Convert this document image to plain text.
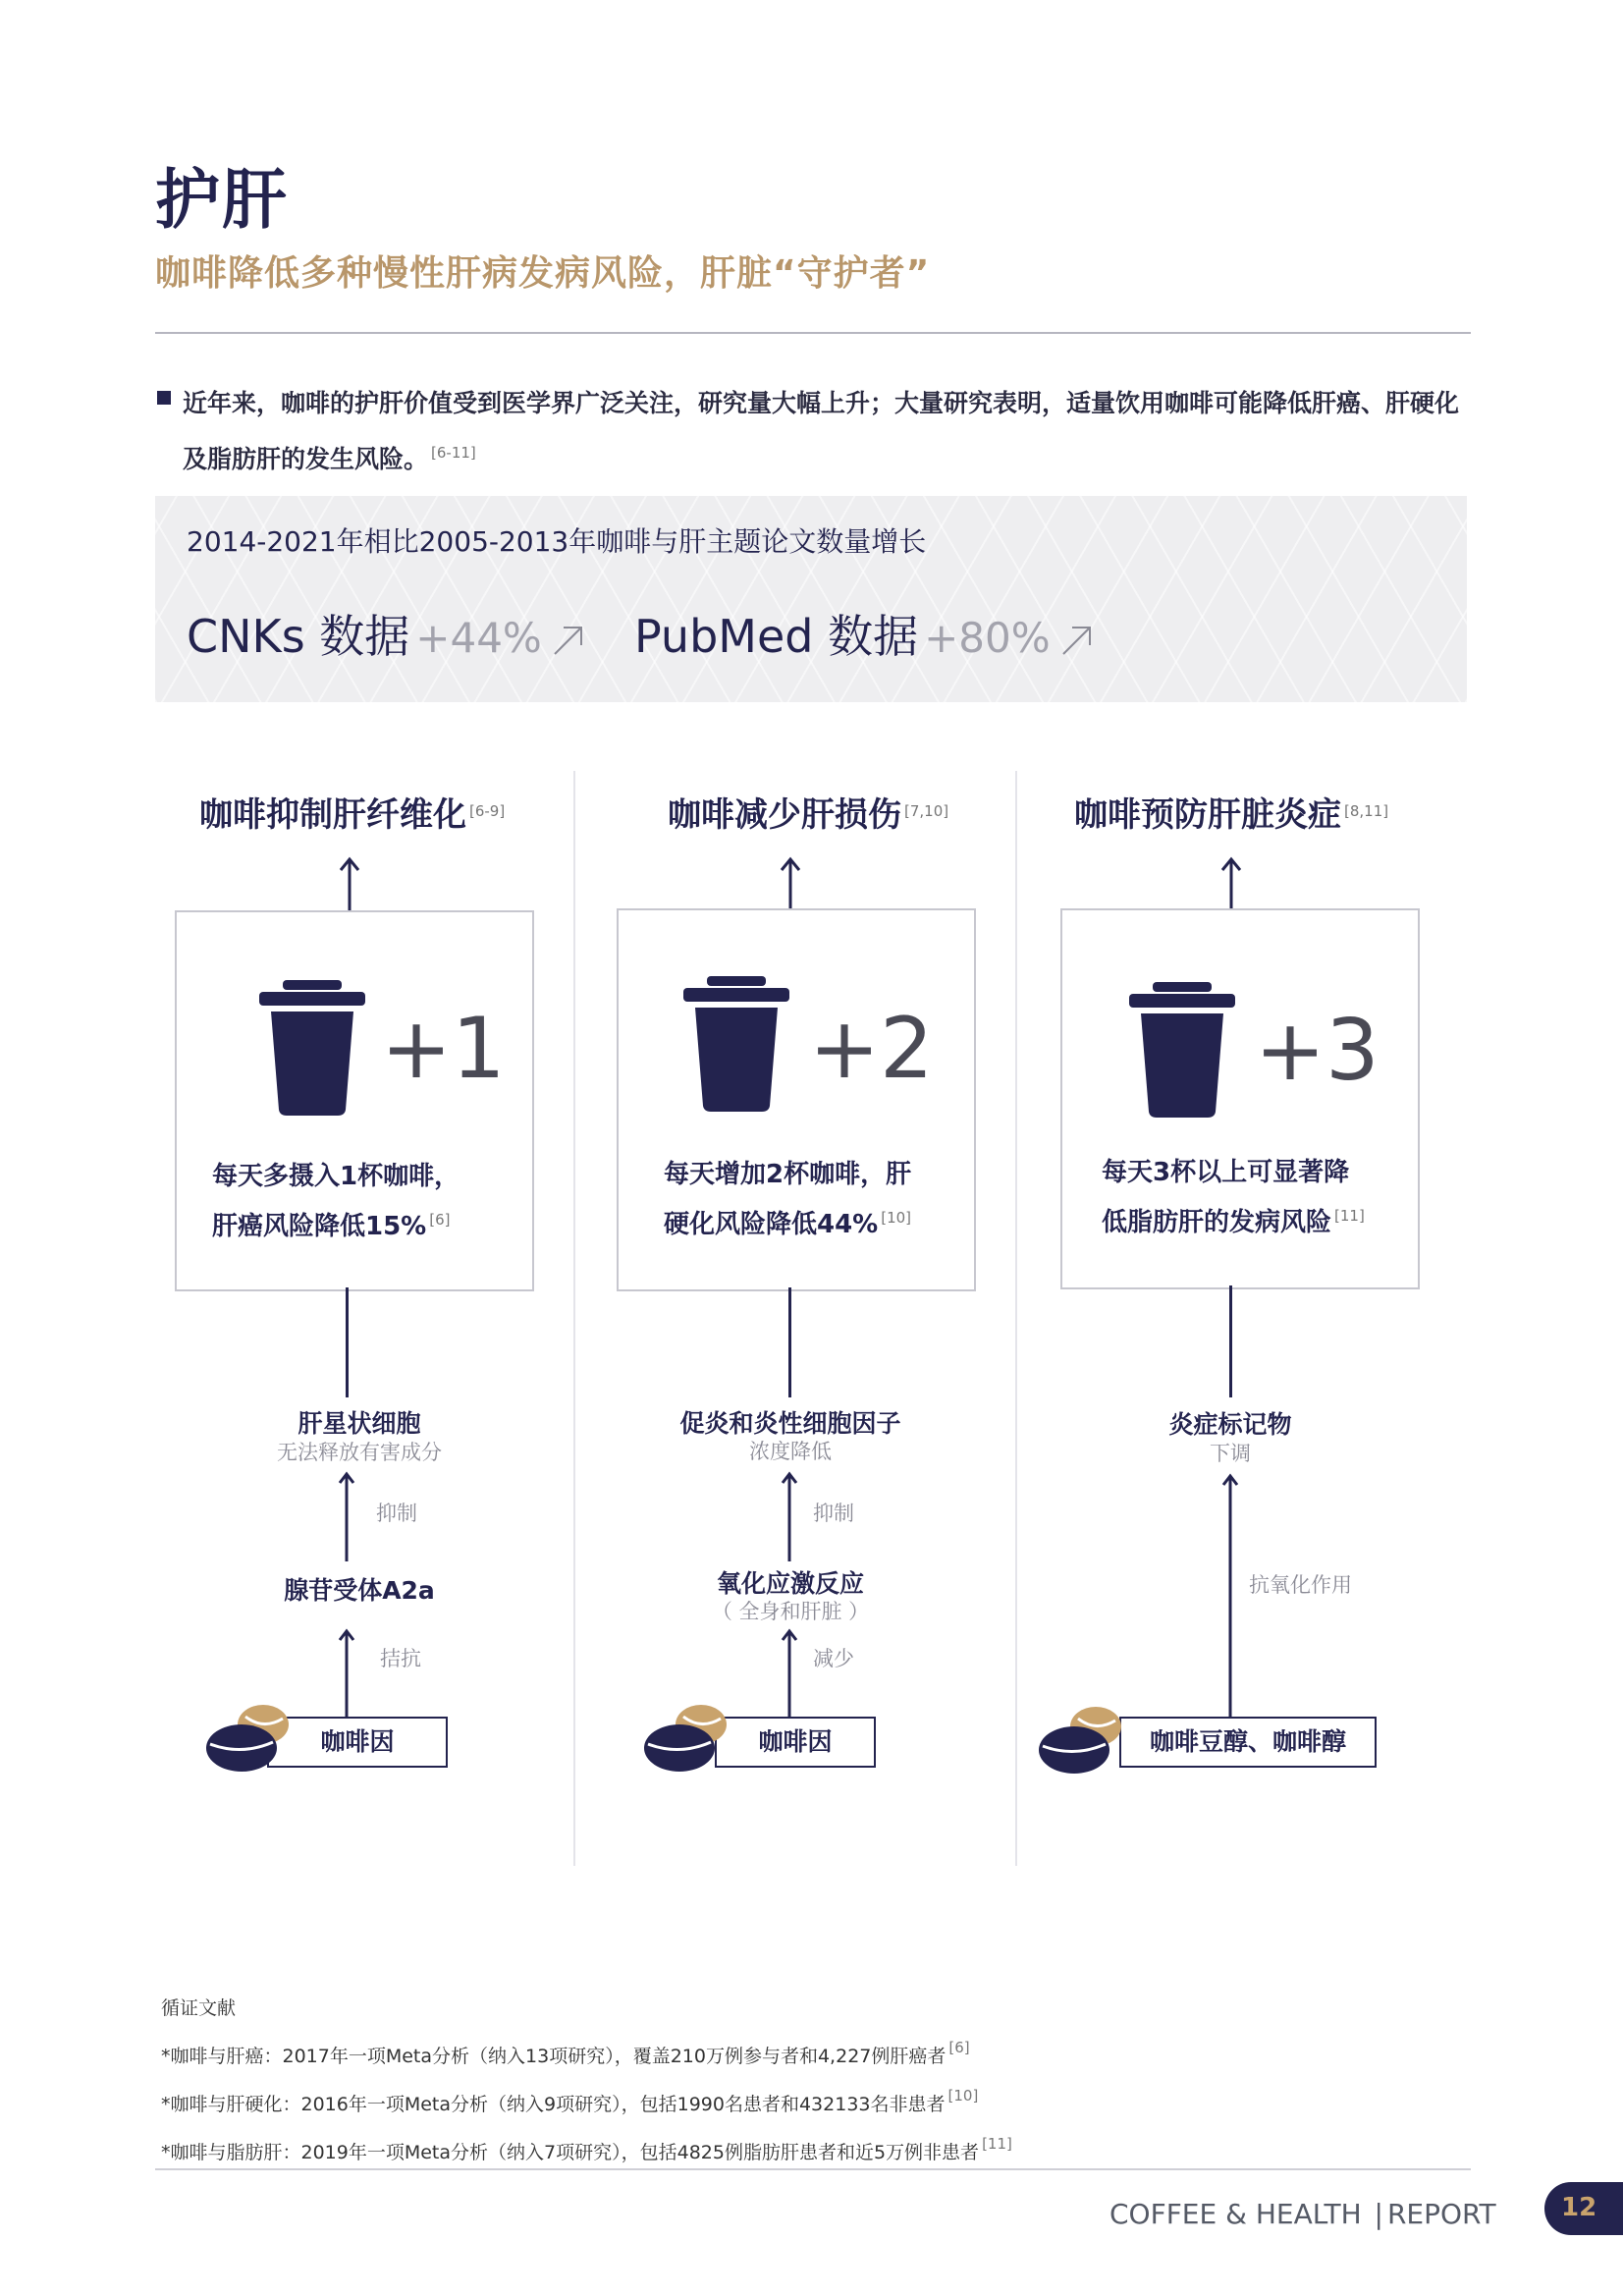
护肝
咖啡降低多种慢性肝病发病风险，肝脏“守护者”
近年来，咖啡的护肝价值受到医学界广泛关注，研究量大幅上升；大量研究表明，适量饮用咖啡可能降低肝癌、肝硬化及脂肪肝的发生风险。 [6-11]
2014-2021年相比2005-2013年咖啡与肝主题论文数量增长
CNKs 数据 +44%	PubMed 数据 +80%
咖啡抑制肝纤维化 [6-9]
+1
每天多摄入1杯咖啡，
肝癌风险降低15% [6]
肝星状细胞
无法释放有害成分
抑制
腺苷受体A2a
拮抗
咖啡因
咖啡减少肝损伤 [7,10]
+2
每天增加2杯咖啡，肝
硬化风险降低44% [10]
促炎和炎性细胞因子
浓度降低
抑制
氧化应激反应
（ 全身和肝脏 ）
减少
咖啡因
咖啡预防肝脏炎症 [8,11]
+3
每天3杯以上可显著降
低脂肪肝的发病风险 [11]
炎症标记物
下调
抗氧化作用
咖啡豆醇、咖啡醇
循证文献
*咖啡与肝癌：2017年一项Meta分析（纳入13项研究），覆盖210万例参与者和4,227例肝癌者 [6]
*咖啡与肝硬化：2016年一项Meta分析（纳入9项研究），包括1990名患者和432133名非患者 [10]
*咖啡与脂肪肝：2019年一项Meta分析（纳入7项研究），包括4825例脂肪肝患者和近5万例非患者 [11]
COFFEE & HEALTH | REPORT	12
